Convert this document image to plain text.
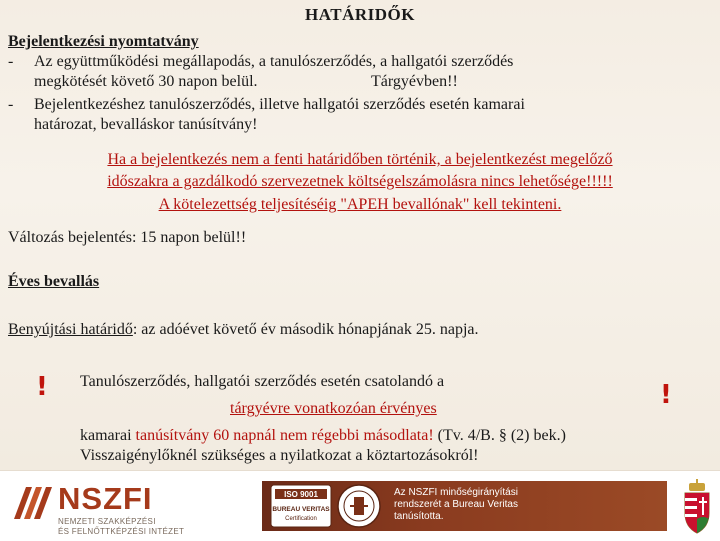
HATÁRIDŐK
Bejelentkezési nyomtatvány
- Az együttműködési megállapodás, a tanulószerződés, a hallgatói szerződés
megkötését követő 30 napon belül.	Tárgyévben!!
- Bejelentkezéshez tanulószerződés, illetve hallgatói szerződés esetén kamarai
határozat, bevalláskor tanúsítvány!
Ha a bejelentkezés nem a fenti határidőben történik, a bejelentkezést megelőző
időszakra a gazdálkodó szervezetnek költségelszámolásra nincs lehetősége!!!!!
A kötelezettség teljesítéséig "APEH bevallónak" kell tekinteni.
Változás bejelentés: 15 napon belül!!
Éves bevallás
Benyújtási határidő: az adóévet követő év második hónapjának 25. napja.
!	!
Tanulószerződés, hallgatói szerződés esetén csatolandó a
tárgyévre vonatkozóan érvényes
kamarai tanúsítvány 60 napnál nem régebbi másodlata! (Tv. 4/B. § (2) bek.)
Visszaigénylőknél szükséges a nyilatkozat a köztartozásokról!
NSZFI
NEMZETI SZAKKÉPZÉSI
ÉS FELNŐTTKÉPZÉSI INTÉZET
ISO 9001
BUREAU VERITAS
Certification
Az NSZFI minőségirányítási
rendszerét a Bureau Veritas
tanúsította.
